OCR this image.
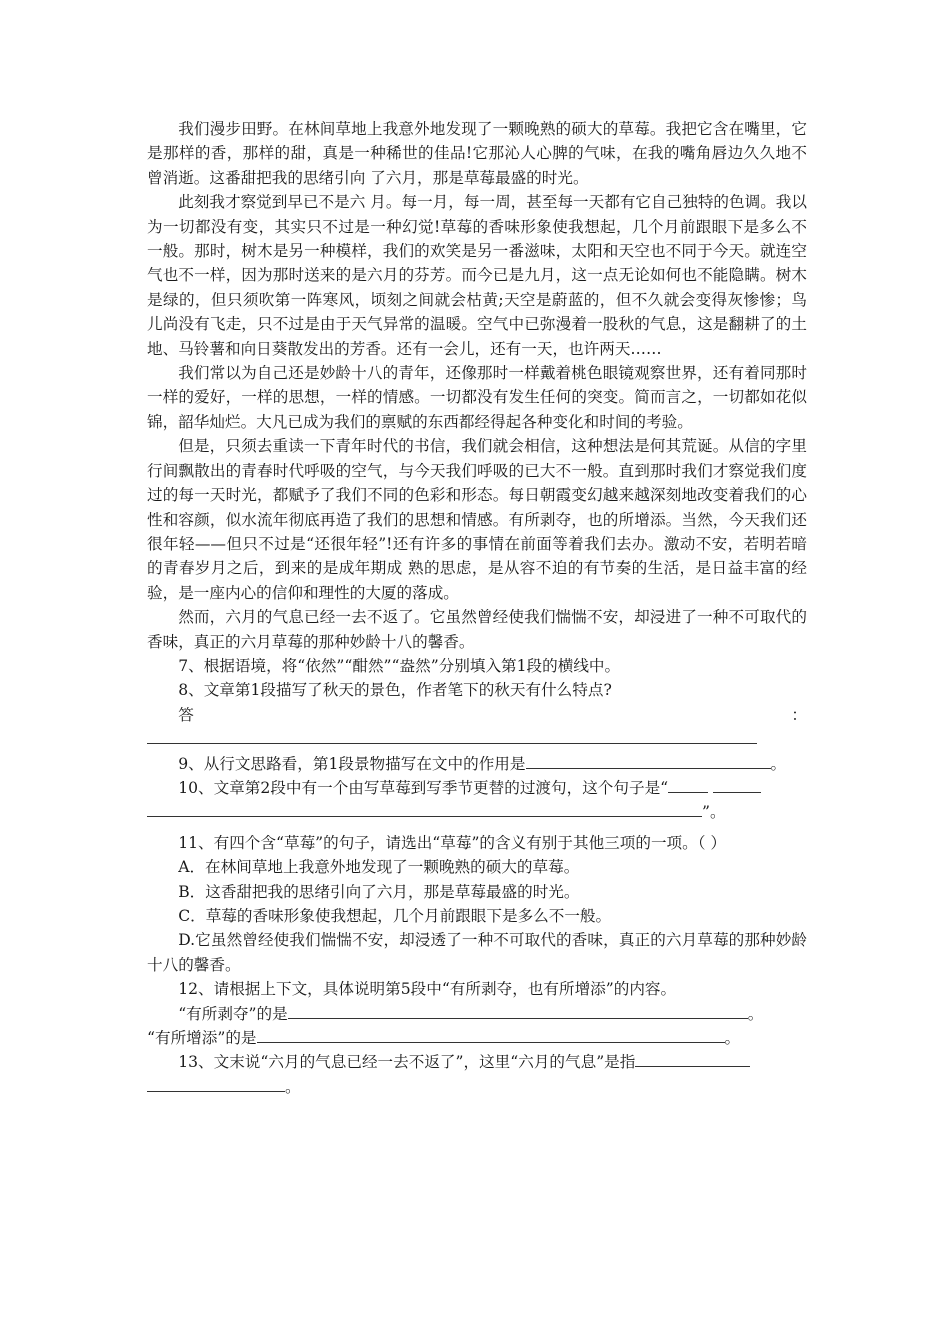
我们漫步田野。在林间草地上我意外地发现了一颗晚熟的硕大的草莓。我把它含在嘴里，它是那样的香，那样的甜，真是一种稀世的佳品!它那沁人心脾的气味，在我的嘴角唇边久久地不曾消逝。这番甜把我的思绪引向 了六月，那是草莓最盛的时光。

此刻我才察觉到早已不是六 月。每一月，每一周，甚至每一天都有它自己独特的色调。我以为一切都没有变，其实只不过是一种幻觉!草莓的香味形象使我想起，几个月前跟眼下是多么不一般。那时，树木是另一种模样，我们的欢笑是另一番滋味，太阳和天空也不同于今天。就连空气也不一样，因为那时送来的是六月的芬芳。而今已是九月，这一点无论如何也不能隐瞒。树木是绿的，但只须吹第一阵寒风，顷刻之间就会枯黄;天空是蔚蓝的，但不久就会变得灰惨惨；鸟儿尚没有飞走，只不过是由于天气异常的温暖。空气中已弥漫着一股秋的气息，这是翻耕了的土地、马铃薯和向日葵散发出的芳香。还有一会儿，还有一天，也许两天……

我们常以为自己还是妙龄十八的青年，还像那时一样戴着桃色眼镜观察世界，还有着同那时一样的爱好，一样的思想，一样的情感。一切都没有发生任何的突变。简而言之，一切都如花似锦，韶华灿烂。大凡已成为我们的禀赋的东西都经得起各种变化和时间的考验。

但是，只须去重读一下青年时代的书信，我们就会相信，这种想法是何其荒诞。从信的字里行间飘散出的青春时代呼吸的空气，与今天我们呼吸的已大不一般。直到那时我们才察觉我们度过的每一天时光，都赋予了我们不同的色彩和形态。每日朝霞变幻越来越深刻地改变着我们的心性和容颜，似水流年彻底再造了我们的思想和情感。有所剥夺，也的所增添。当然，今天我们还很年轻——但只不过是“还很年轻”!还有许多的事情在前面等着我们去办。激动不安，若明若暗的青春岁月之后，到来的是成年期成 熟的思虑，是从容不迫的有节奏的生活，是日益丰富的经验，是一座内心的信仰和理性的大厦的落成。

然而，六月的气息已经一去不返了。它虽然曾经使我们惴惴不安，却浸进了一种不可取代的香味，真正的六月草莓的那种妙龄十八的馨香。

7、根据语境，将“依然”“酣然”“盎然”分别填入第1段的横线中。

8、文章第1段描写了秋天的景色，作者笔下的秋天有什么特点?

答：

9、从行文思路看，第1段景物描写在文中的作用是	。

10、文章第2段中有一个由写草莓到写季节更替的过渡句，这个句子是“

”。

11、有四个含“草莓”的句子，请选出“草莓”的含义有别于其他三项的一项。（ ）

A．在林间草地上我意外地发现了一颗晚熟的硕大的草莓。

B．这香甜把我的思绪引向了六月，那是草莓最盛的时光。

C．草莓的香味形象使我想起，几个月前跟眼下是多么不一般。

D.它虽然曾经使我们惴惴不安，却浸透了一种不可取代的香味，真正的六月草莓的那种妙龄十八的馨香。

12、请根据上下文，具体说明第5段中“有所剥夺，也有所增添”的内容。

“有所剥夺”的是	。

“有所增添”的是	。

13、文末说“六月的气息已经一去不返了”，这里“六月的气息”是指

。
